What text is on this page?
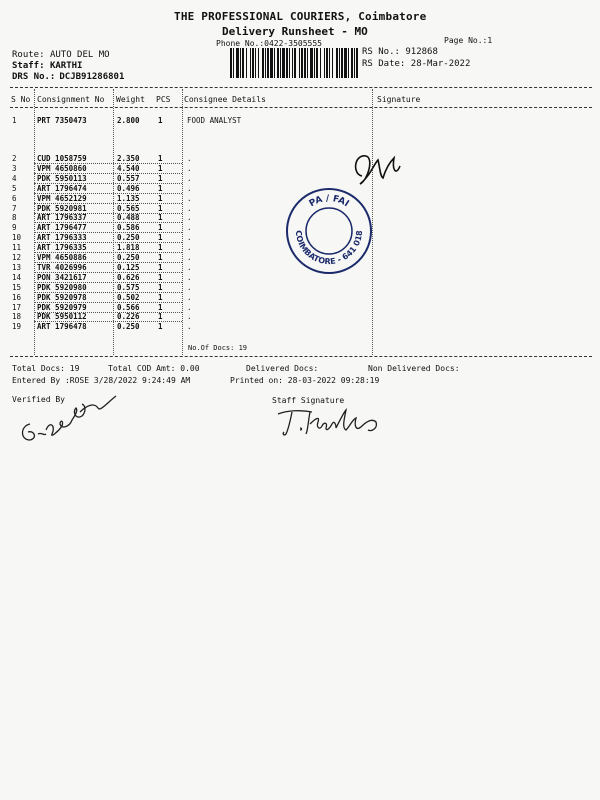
THE PROFESSIONAL COURIERS, Coimbatore
Delivery Runsheet - MO
Phone No.:0422-3505555	Page No.:1
Route: AUTO DEL MO
Staff: KARTHI
DRS No.: DCJB91286801
RS No.: 912868
RS Date: 28-Mar-2022
S No Consignment No Weight PCS Consignee Details	Signature
1	PRT 7350473	2.800 1	FOOD ANALYST
2	CUD 1058759	2.350 1	.
3	VPM 4650860	4.540 1	.
4	PDK 5950113	0.557 1	.
5	ART 1796474	0.496 1	.
6	VPM 4652129	1.135 1	.
7	PDK 5920981	0.565 1	.
8	ART 1796337	0.488 1	.
9	ART 1796477	0.586 1	.
10 ART 1796333	0.250 1	.
11 ART 1796335	1.818 1	.
12 VPM 4650886	0.250 1	.
13 TVR 4026996	0.125 1	.
14 PON 3421617	0.626 1	.
15 PDK 5920980	0.575 1	.
16 PDK 5920978	0.502 1	.
17 PDK 5920979	0.566 1	.
18 PDK 5950112	0.226 1	.
19 ART 1796478	0.250 1	.
No.Of Docs: 19
PA / FAI
COIMBATORE - 641 018
Total Docs: 19	Total COD Amt: 0.00	Delivered Docs:	Non Delivered Docs:
Entered By :ROSE 3/28/2022 9:24:49 AM	Printed on: 28-03-2022 09:28:19
Verified By	Staff Signature
